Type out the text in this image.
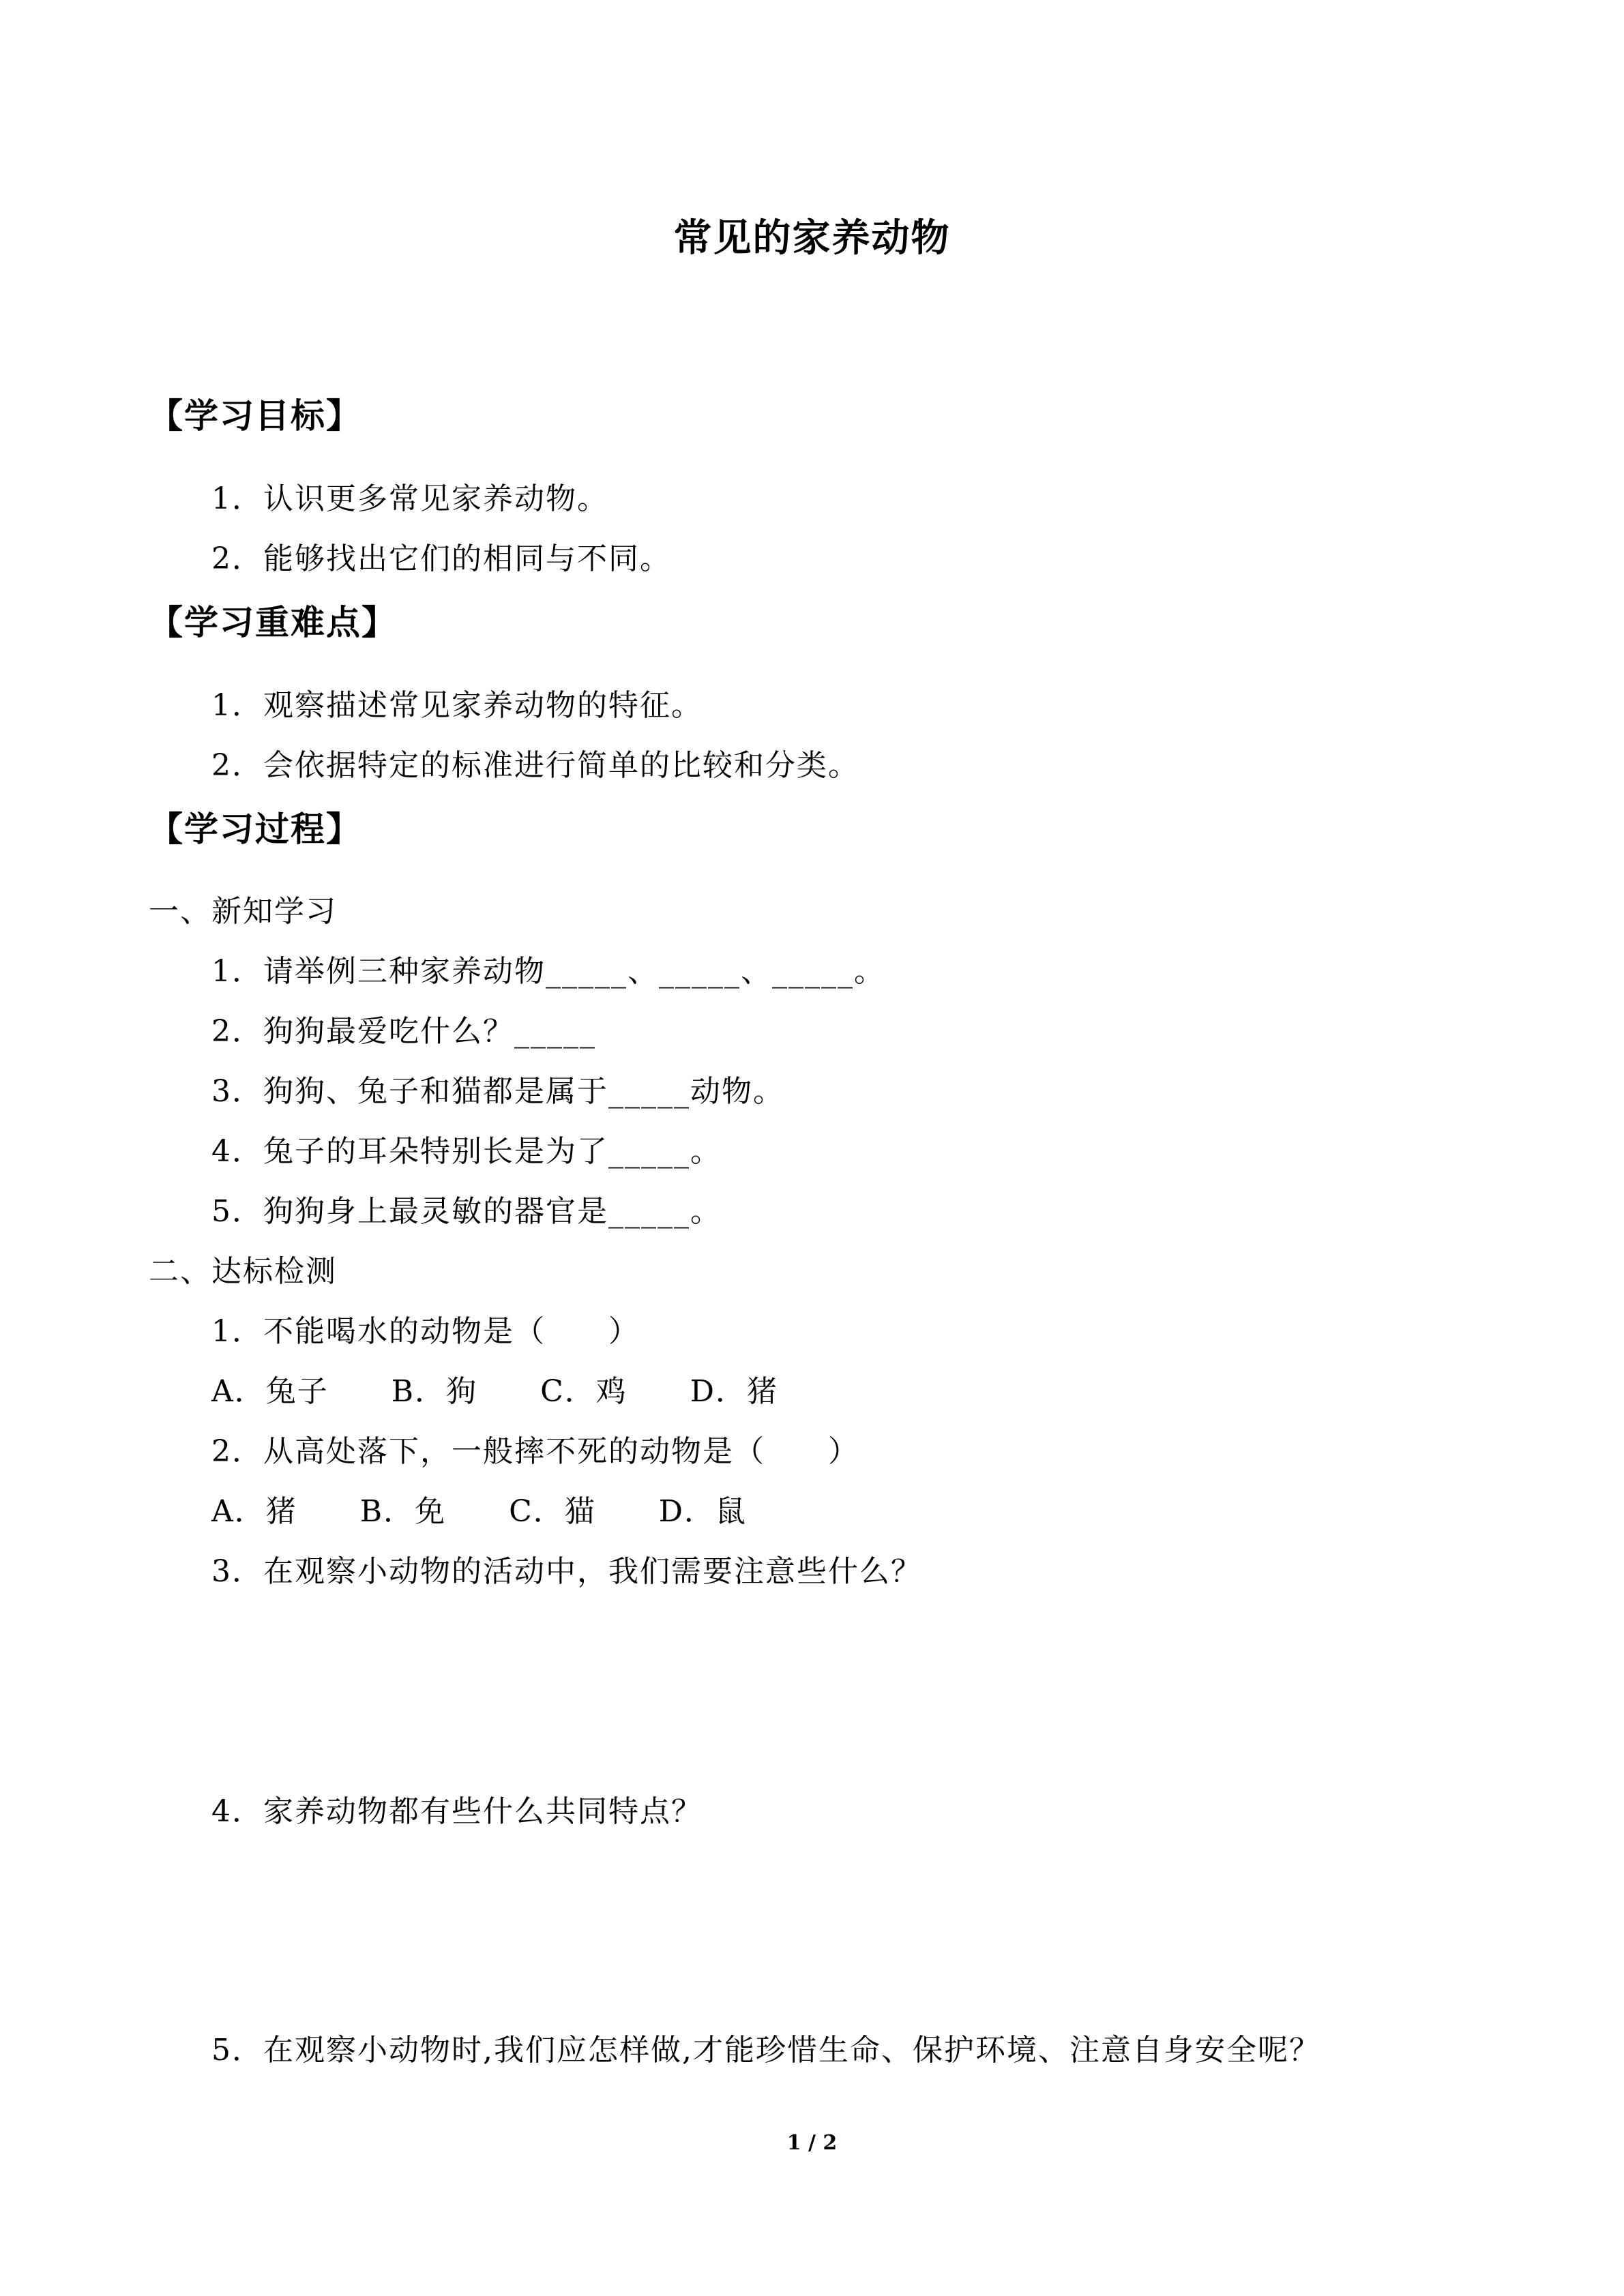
常见的家养动物
【学习目标】
1．认识更多常见家养动物。
2．能够找出它们的相同与不同。
【学习重难点】
1．观察描述常见家养动物的特征。
2．会依据特定的标准进行简单的比较和分类。
【学习过程】
一、新知学习
1．请举例三种家养动物_____、_____、_____。
2．狗狗最爱吃什么？_____
3．狗狗、兔子和猫都是属于_____动物。
4．兔子的耳朵特别长是为了_____。
5．狗狗身上最灵敏的器官是_____。
二、达标检测
1．不能喝水的动物是（　　）
A．兔子　　B．狗　　C．鸡　　D．猪
2．从高处落下，一般摔不死的动物是（　　）
A．猪　　B．免　　C．猫　　D．鼠
3．在观察小动物的活动中，我们需要注意些什么？
4．家养动物都有些什么共同特点？
5．在观察小动物时,我们应怎样做,才能珍惜生命、保护环境、注意自身安全呢？
1 / 2
